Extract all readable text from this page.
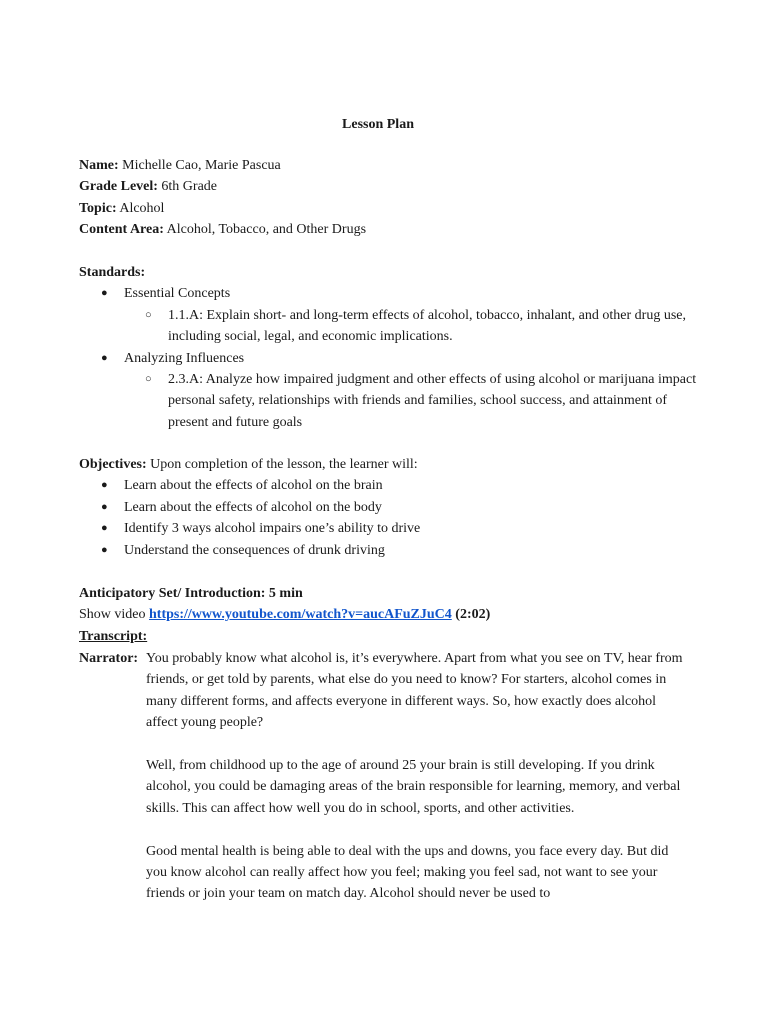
Lesson Plan
Name: Michelle Cao, Marie Pascua
Grade Level: 6th Grade
Topic: Alcohol
Content Area: Alcohol, Tobacco, and Other Drugs
Standards:
● Essential Concepts
○ 1.1.A: Explain short- and long-term effects of alcohol, tobacco, inhalant, and other drug use, including social, legal, and economic implications.
● Analyzing Influences
○ 2.3.A: Analyze how impaired judgment and other effects of using alcohol or marijuana impact personal safety, relationships with friends and families, school success, and attainment of present and future goals
Objectives: Upon completion of the lesson, the learner will:
● Learn about the effects of alcohol on the brain
● Learn about the effects of alcohol on the body
● Identify 3 ways alcohol impairs one’s ability to drive
● Understand the consequences of drunk driving
Anticipatory Set/ Introduction: 5 min
Show video https://www.youtube.com/watch?v=aucAFuZJuC4 (2:02)
Transcript:
Narrator: You probably know what alcohol is, it’s everywhere. Apart from what you see on TV, hear from friends, or get told by parents, what else do you need to know? For starters, alcohol comes in many different forms, and affects everyone in different ways. So, how exactly does alcohol affect young people?

Well, from childhood up to the age of around 25 your brain is still developing. If you drink alcohol, you could be damaging areas of the brain responsible for learning, memory, and verbal skills. This can affect how well you do in school, sports, and other activities.

Good mental health is being able to deal with the ups and downs, you face every day. But did you know alcohol can really affect how you feel; making you feel sad, not want to see your friends or join your team on match day. Alcohol should never be used to
